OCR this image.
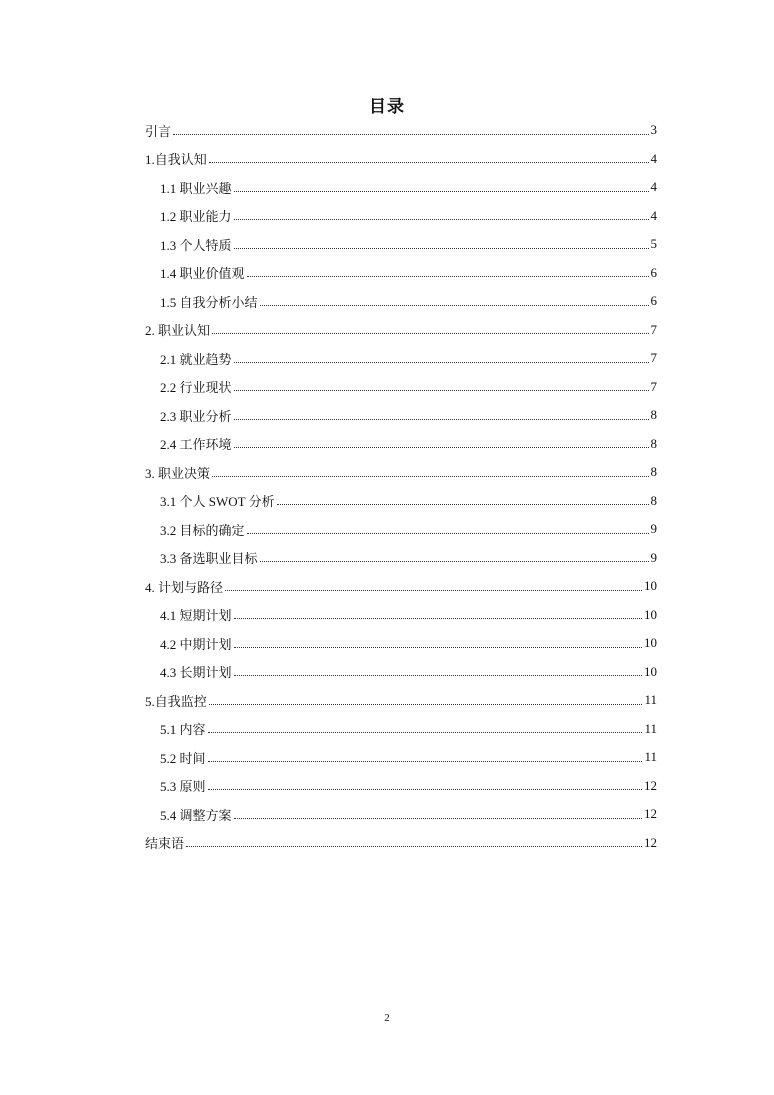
目录
引言	3
1.自我认知	4
1.1 职业兴趣	4
1.2 职业能力	4
1.3 个人特质	5
1.4 职业价值观	6
1.5 自我分析小结	6
2. 职业认知	7
2.1 就业趋势	7
2.2 行业现状	7
2.3 职业分析	8
2.4 工作环境	8
3. 职业决策	8
3.1 个人 SWOT 分析	8
3.2 目标的确定	9
3.3 备选职业目标	9
4. 计划与路径	10
4.1 短期计划	10
4.2 中期计划	10
4.3 长期计划	10
5.自我监控	11
5.1 内容	11
5.2 时间	11
5.3 原则	12
5.4 调整方案	12
结束语	12
2
